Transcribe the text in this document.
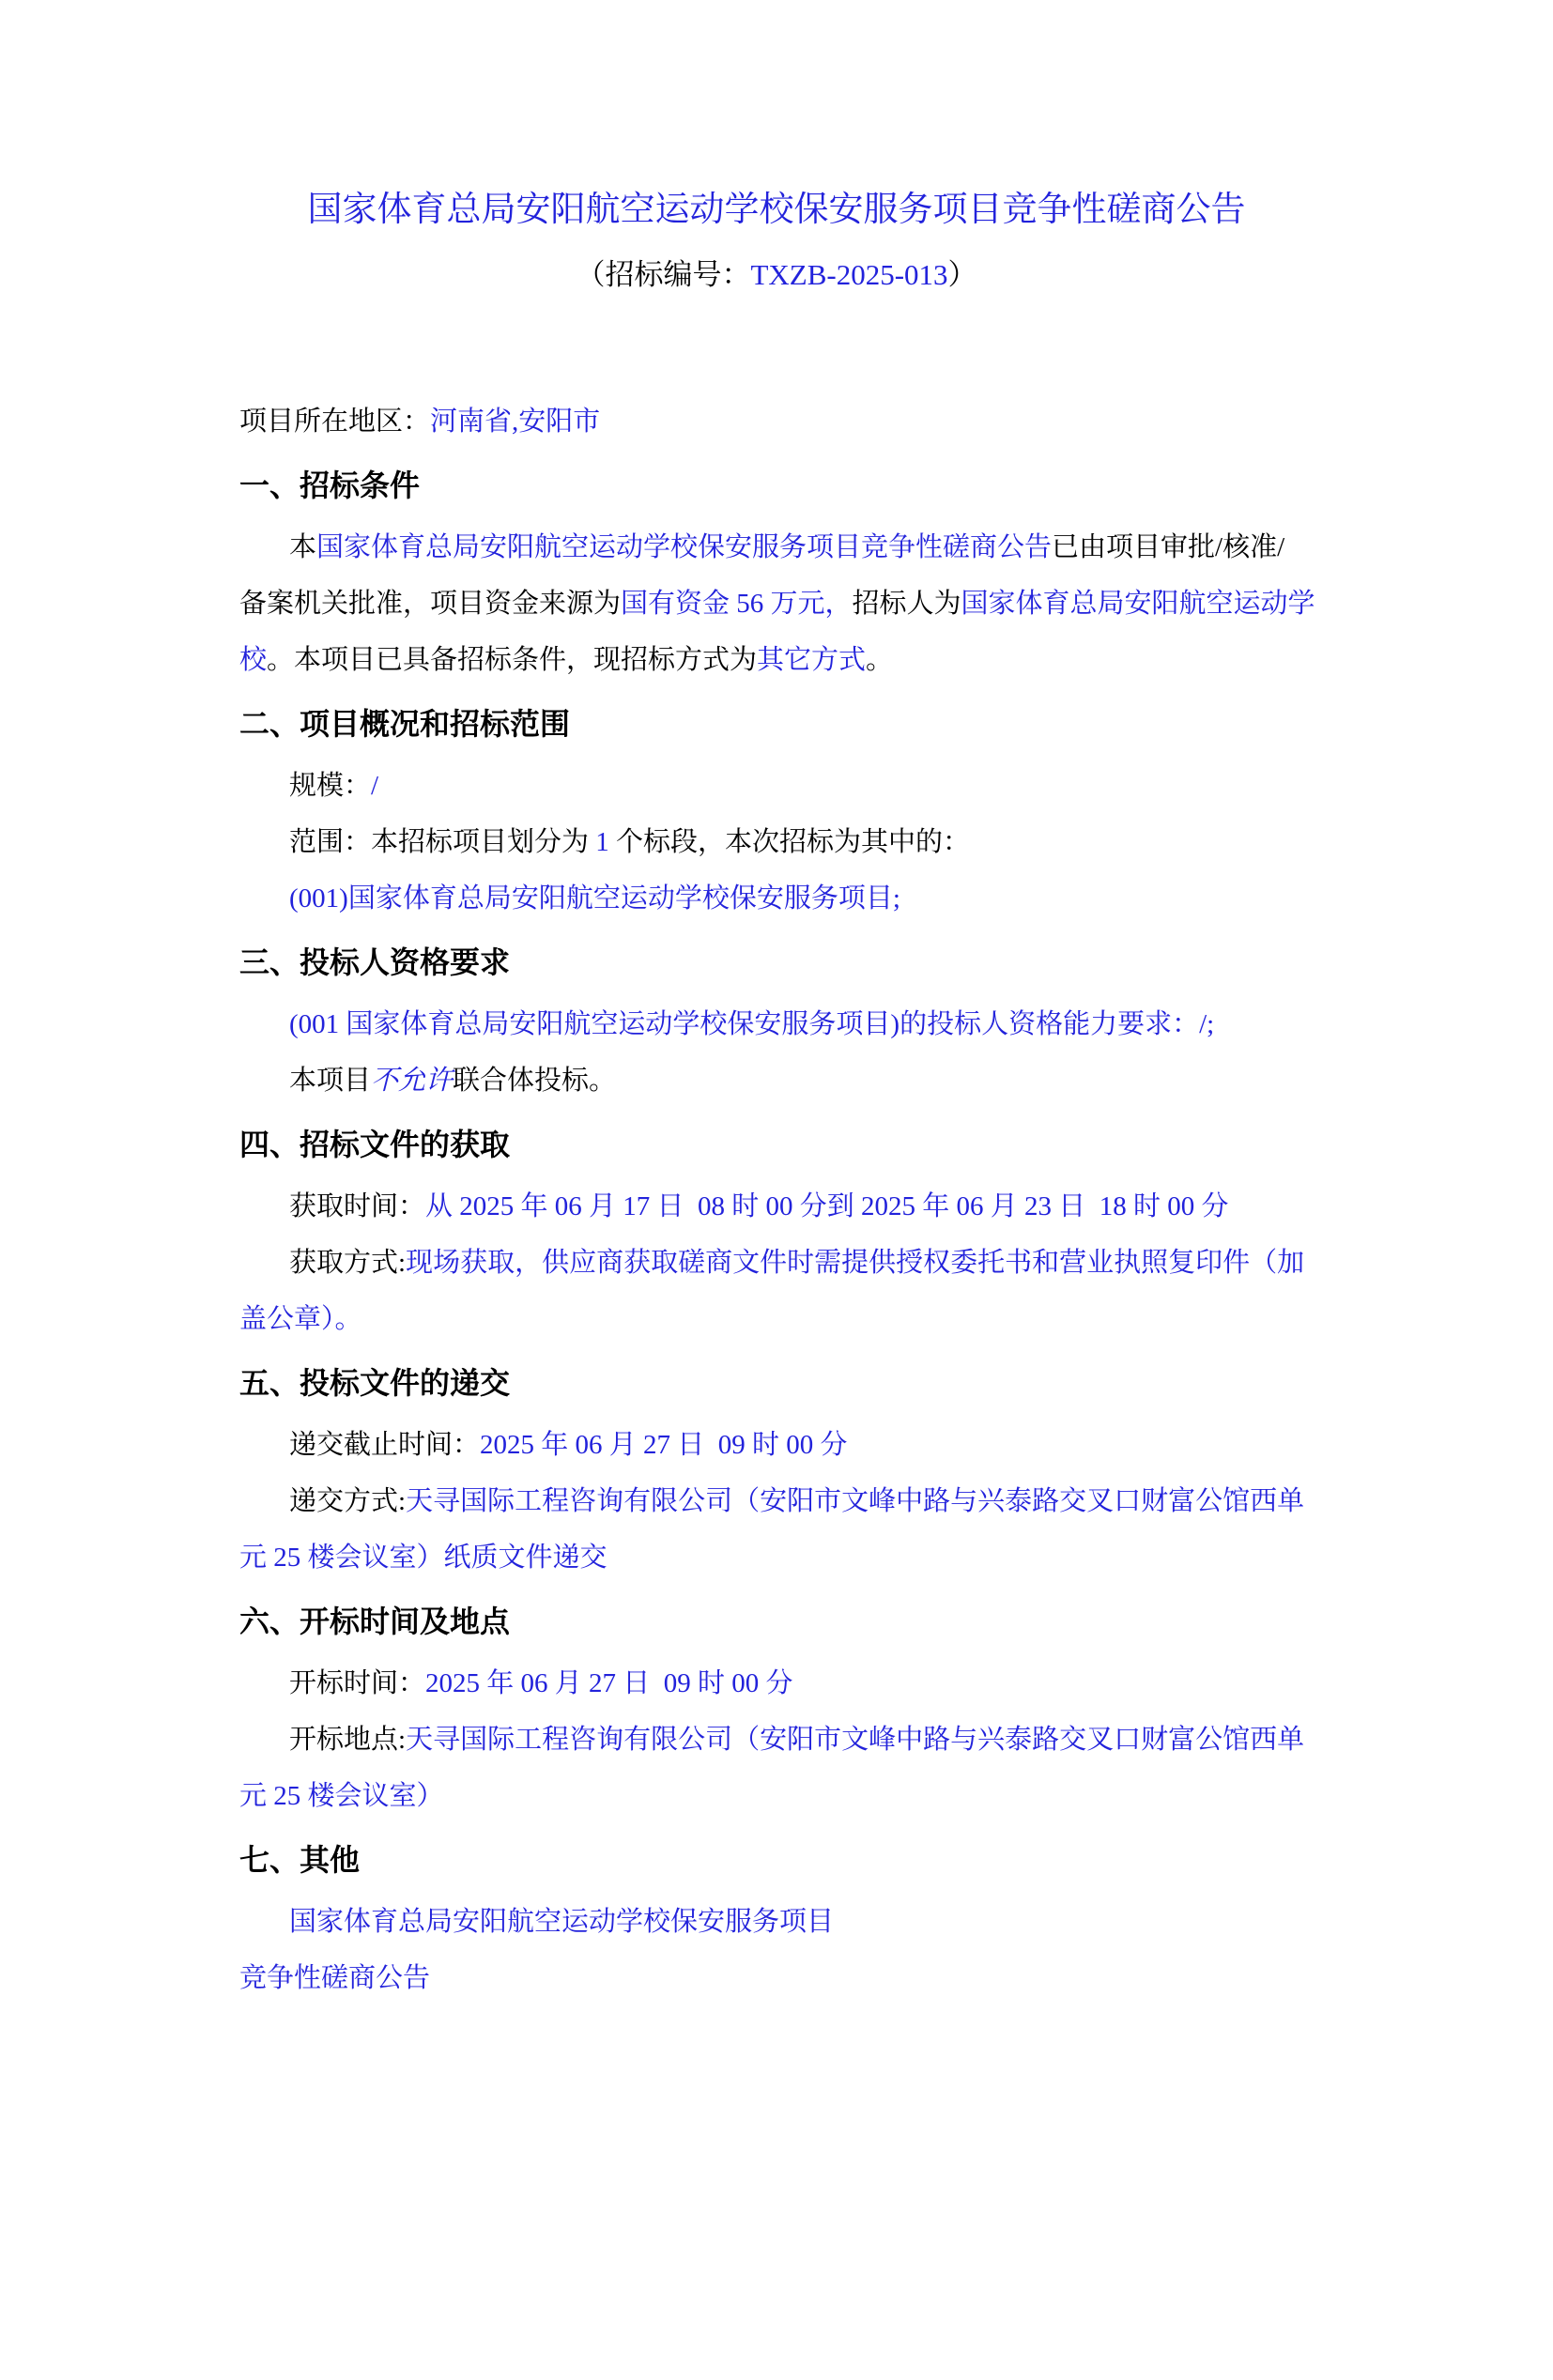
国家体育总局安阳航空运动学校保安服务项目竞争性磋商公告
（招标编号：TXZB-2025-013）
项目所在地区：河南省,安阳市
一、招标条件
本国家体育总局安阳航空运动学校保安服务项目竞争性磋商公告已由项目审批/核准/
备案机关批准，项目资金来源为国有资金 56 万元，招标人为国家体育总局安阳航空运动学
校。本项目已具备招标条件，现招标方式为其它方式。
二、项目概况和招标范围
规模：/
范围：本招标项目划分为 1 个标段，本次招标为其中的：
(001)国家体育总局安阳航空运动学校保安服务项目;
三、投标人资格要求
(001 国家体育总局安阳航空运动学校保安服务项目)的投标人资格能力要求：/;
本项目不允许联合体投标。
四、招标文件的获取
获取时间：从 2025 年 06 月 17 日  08 时 00 分到 2025 年 06 月 23 日  18 时 00 分
获取方式:现场获取，供应商获取磋商文件时需提供授权委托书和营业执照复印件（加
盖公章）。
五、投标文件的递交
递交截止时间：2025 年 06 月 27 日  09 时 00 分
递交方式:天寻国际工程咨询有限公司（安阳市文峰中路与兴泰路交叉口财富公馆西单
元 25 楼会议室）纸质文件递交
六、开标时间及地点
开标时间：2025 年 06 月 27 日  09 时 00 分
开标地点:天寻国际工程咨询有限公司（安阳市文峰中路与兴泰路交叉口财富公馆西单
元 25 楼会议室）
七、其他
国家体育总局安阳航空运动学校保安服务项目
竞争性磋商公告
